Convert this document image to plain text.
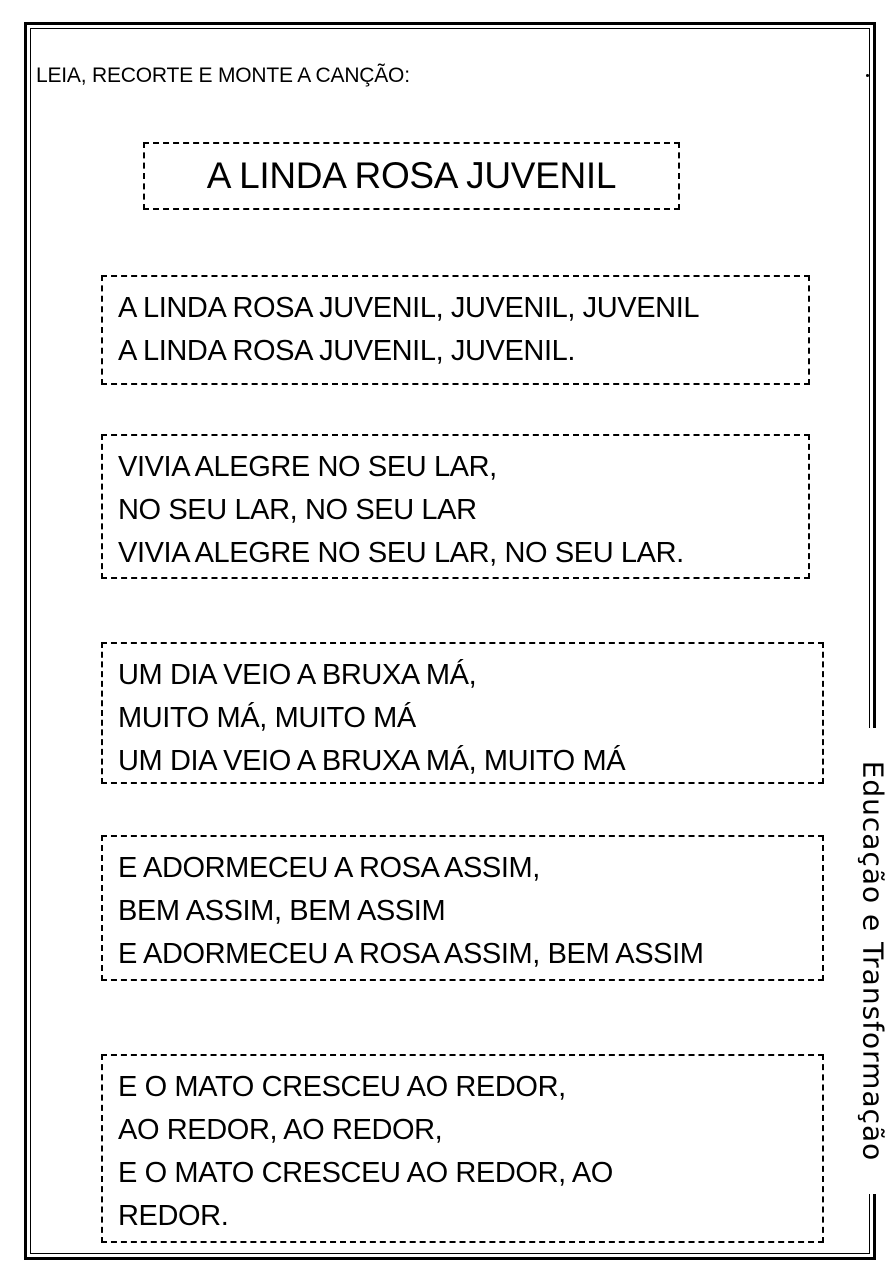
LEIA, RECORTE E MONTE A CANÇÃO:
A LINDA ROSA JUVENIL
A LINDA ROSA JUVENIL, JUVENIL, JUVENIL
A LINDA ROSA JUVENIL, JUVENIL.
VIVIA ALEGRE NO SEU LAR,
NO SEU LAR, NO SEU LAR
VIVIA ALEGRE NO SEU LAR, NO SEU LAR.
UM DIA VEIO A BRUXA MÁ,
MUITO MÁ, MUITO MÁ
UM DIA VEIO A BRUXA MÁ, MUITO MÁ
E ADORMECEU A ROSA ASSIM,
BEM ASSIM, BEM ASSIM
E ADORMECEU A ROSA ASSIM, BEM ASSIM
E O MATO CRESCEU AO REDOR,
AO REDOR, AO REDOR,
E O MATO CRESCEU AO REDOR, AO
REDOR.
Educação e Transformação
